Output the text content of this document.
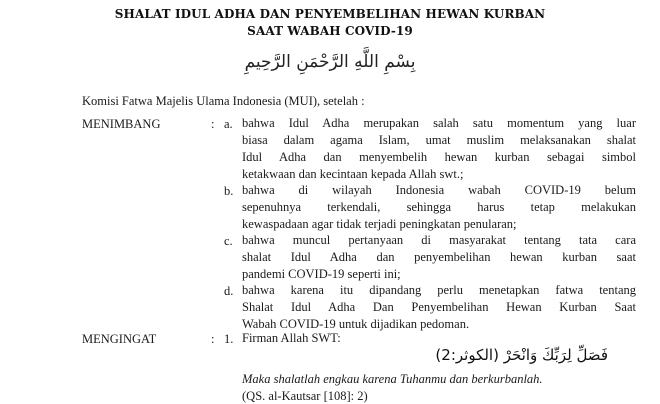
SHALAT IDUL ADHA DAN PENYEMBELIHAN HEWAN KURBAN
SAAT WABAH COVID-19
بِسْمِ اللَّهِ الرَّحْمَنِ الرَّحِيمِ
Komisi Fatwa Majelis Ulama Indonesia (MUI), setelah :
MENIMBANG	: a. bahwa Idul Adha merupakan salah satu momentum yang luar
biasa dalam agama Islam, umat muslim melaksanakan shalat
Idul Adha dan menyembelih hewan kurban sebagai simbol
ketakwaan dan kecintaan kepada Allah swt.;
b. bahwa di wilayah Indonesia wabah COVID-19 belum
sepenuhnya terkendali, sehingga harus tetap melakukan
kewaspadaan agar tidak terjadi peningkatan penularan;
c. bahwa muncul pertanyaan di masyarakat tentang tata cara
shalat Idul Adha dan penyembelihan hewan kurban saat
pandemi COVID-19 seperti ini;
d. bahwa karena itu dipandang perlu menetapkan fatwa tentang
Shalat Idul Adha Dan Penyembelihan Hewan Kurban Saat
Wabah COVID-19 untuk dijadikan pedoman.
MENGINGAT	: 1. Firman Allah SWT:
فَصَلِّ لِرَبِّكَ وَانْحَرْ (الكوثر:2)
Maka shalatlah engkau karena Tuhanmu dan berkurbanlah.
(QS. al-Kautsar [108]: 2)
